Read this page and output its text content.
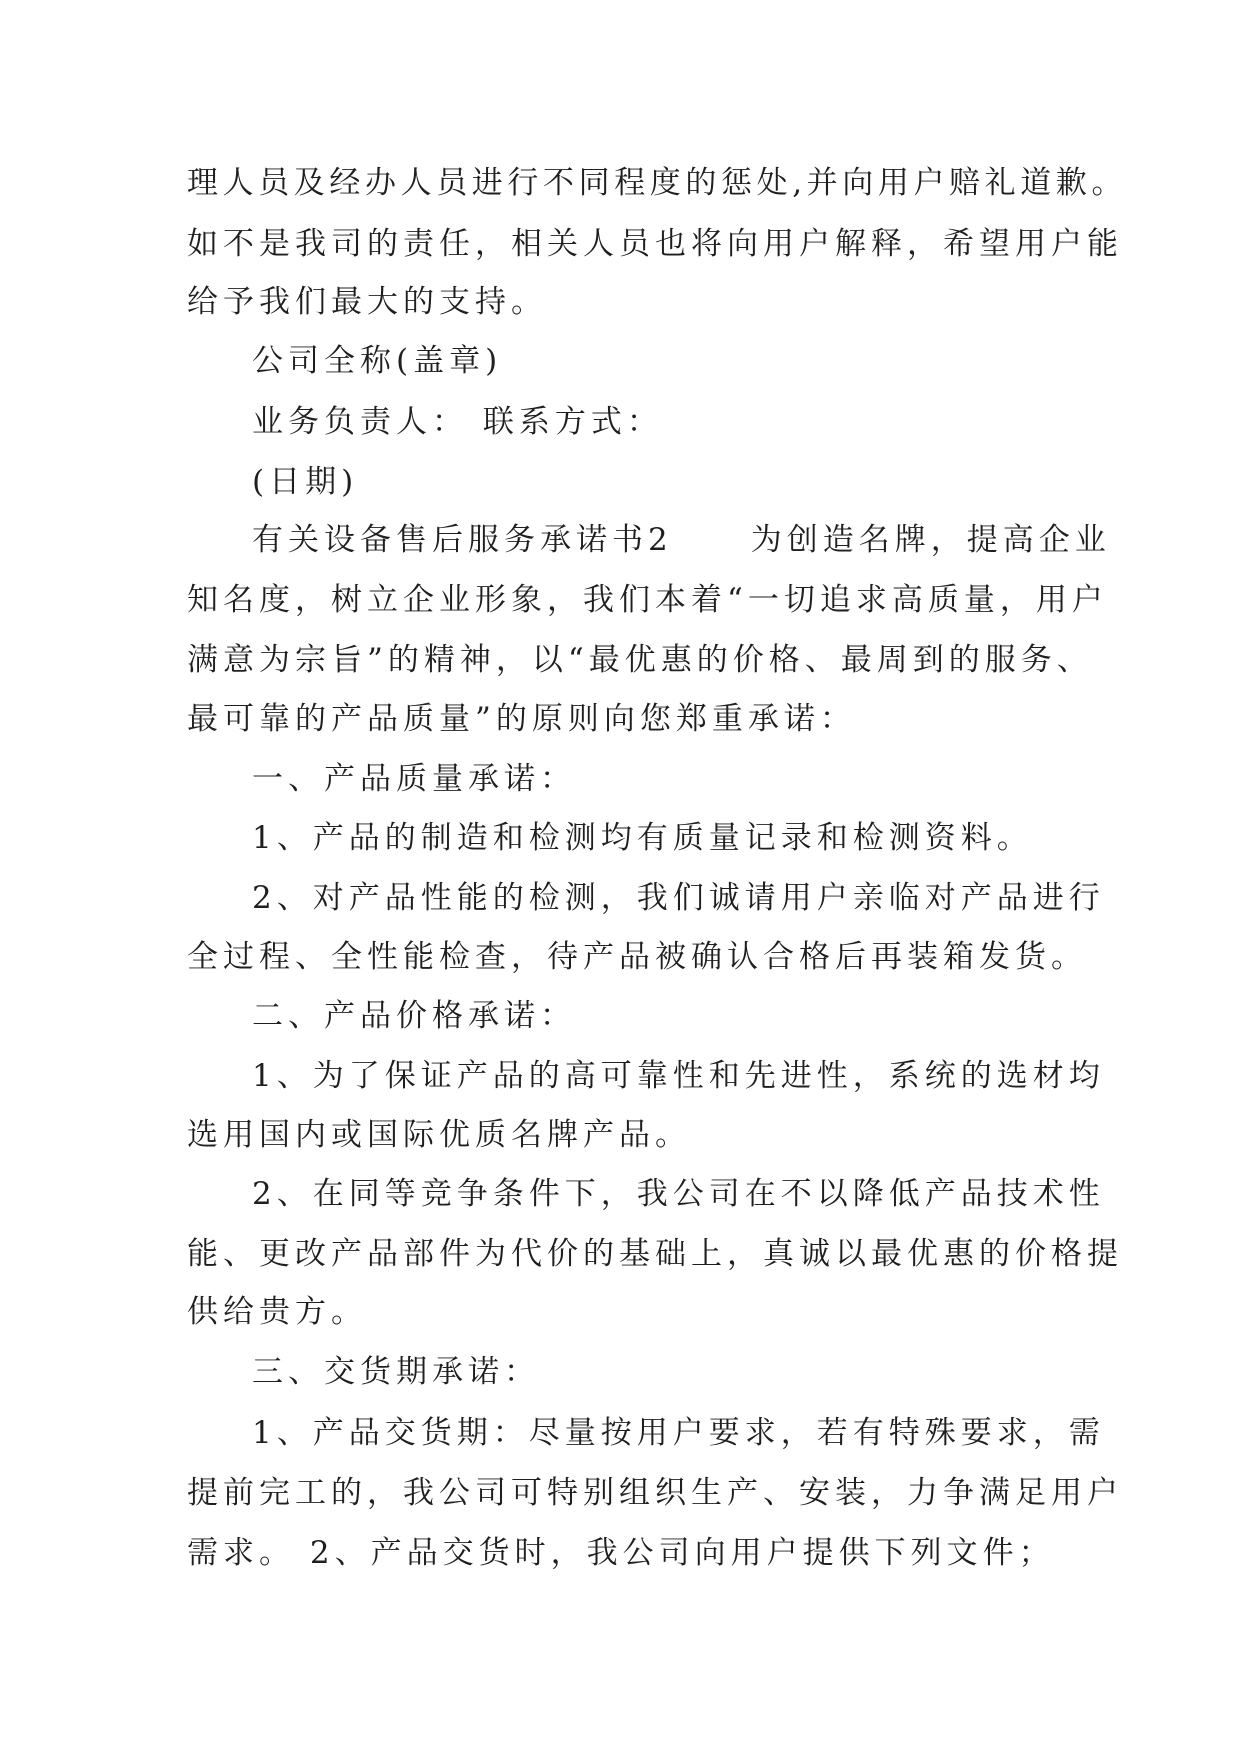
理人员及经办人员进行不同程度的惩处,并向用户赔礼道歉。

如不是我司的责任，相关人员也将向用户解释，希望用户能

给予我们最大的支持。

公司全称(盖章)

业务负责人： 联系方式：

(日期)

有关设备售后服务承诺书2	为创造名牌，提高企业

知名度，树立企业形象，我们本着“一切追求高质量，用户

满意为宗旨”的精神，以“最优惠的价格、最周到的服务、

最可靠的产品质量”的原则向您郑重承诺：

一、产品质量承诺：

1、产品的制造和检测均有质量记录和检测资料。

2、对产品性能的检测，我们诚请用户亲临对产品进行

全过程、全性能检查，待产品被确认合格后再装箱发货。

二、产品价格承诺：

1、为了保证产品的高可靠性和先进性，系统的选材均

选用国内或国际优质名牌产品。

2、在同等竞争条件下，我公司在不以降低产品技术性

能、更改产品部件为代价的基础上，真诚以最优惠的价格提

供给贵方。

三、交货期承诺：

1、产品交货期：尽量按用户要求，若有特殊要求，需

提前完工的，我公司可特别组织生产、安装，力争满足用户

需求。 2、产品交货时，我公司向用户提供下列文件；
